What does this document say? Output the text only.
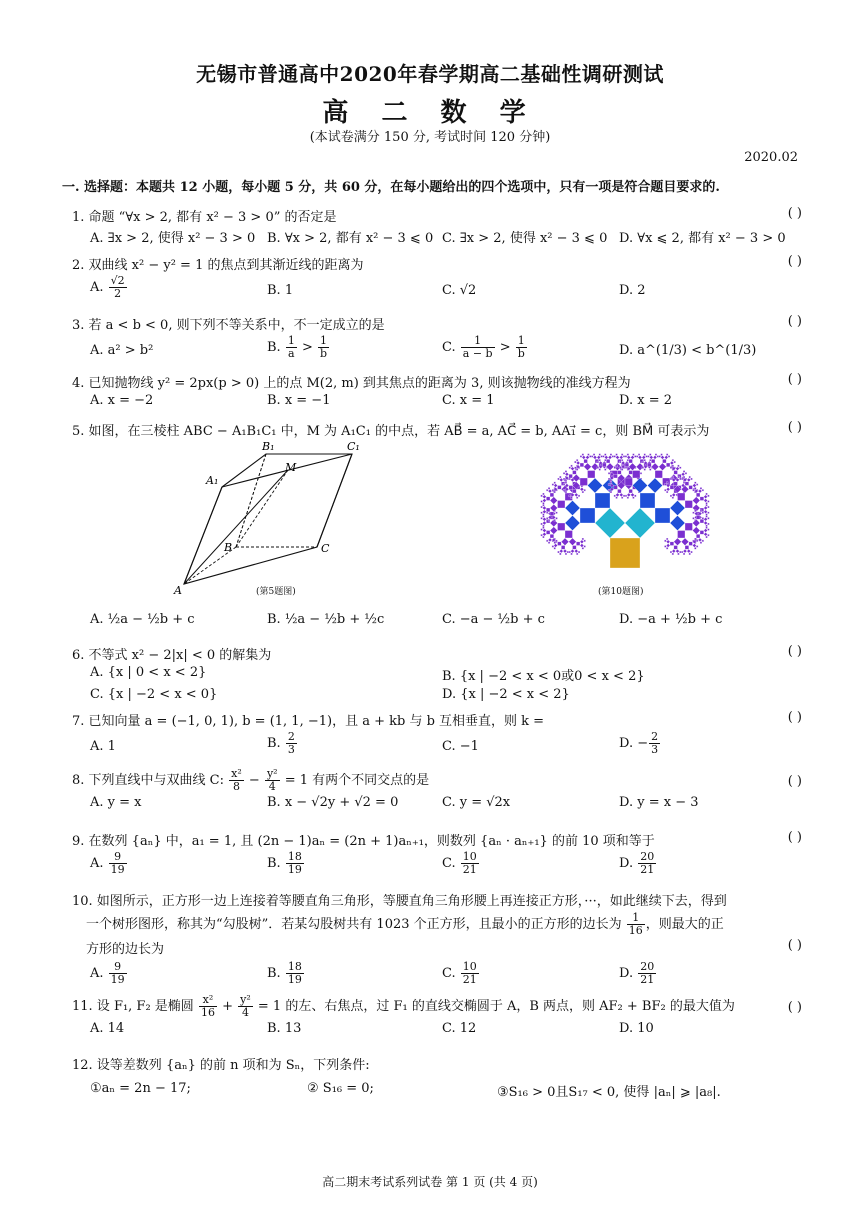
无锡市普通高中2020年春学期高二基础性调研测试
高 二 数 学
(本试卷满分 150 分, 考试时间 120 分钟)
2020.02
一. 选择题：本题共 12 小题，每小题 5 分，共 60 分，在每小题给出的四个选项中，只有一项是符合题目要求的.
1. 命题 “∀x > 2, 都有 x² − 3 > 0” 的否定是	( )
A. ∃x > 2, 使得 x² − 3 > 0 B. ∀x > 2, 都有 x² − 3 ⩽ 0 C. ∃x > 2, 使得 x² − 3 ⩽ 0 D. ∀x ⩽ 2, 都有 x² − 3 > 0
2. 双曲线 x² − y² = 1 的焦点到其渐近线的距离为	( )
A. $\frac{√2}{2}$	B. 1	C. √2	D. 2
3. 若 a < b < 0, 则下列不等关系中，不一定成立的是	( )
A. a² > b²	B. $\frac{1}{a} > \frac{1}{b}$	C. $\frac{1}{a - b} > \frac{1}{b}$	D. a^(1/3) < b^(1/3)
4. 已知抛物线 y² = 2px(p > 0) 上的点 M(2, m) 到其焦点的距离为 3, 则该抛物线的准线方程为	( )
A. x = −2	B. x = −1	C. x = 1	D. x = 2
5. 如图，在三棱柱 ABC − A₁B₁C₁ 中，M 为 A₁C₁ 的中点，若 AB⃗ = a, AC⃗ = b, AA₁⃗ = c，则 BM⃗ 可表示为	( )
B₁
M
C₁
A₁
B	C
A	(第5题图)	(第10题图)
A. ½a − ½b + c	B. ½a − ½b + ½c	C. −a − ½b + c	D. −a + ½b + c
6. 不等式 x² − 2|x| < 0 的解集为	( )
A. {x | 0 < x < 2}	B. {x | −2 < x < 0或0 < x < 2}
C. {x | −2 < x < 0}	D. {x | −2 < x < 2}
7. 已知向量 a = (−1, 0, 1), b = (1, 1, −1)，且 a + kb 与 b 互相垂直，则 k =	( )
A. 1	B. $\frac{2}{3}$	C. −1	D. − $\frac{2}{3}$
8. 下列直线中与双曲线 C: $\frac{\text{x²}}{8} - \frac{\text{y²}}{4} = 1$ 有两个不同交点的是	( )
A. y = x	B. x − √2y + √2 = 0	C. y = √2x	D. y = x − 3
9. 在数列 {aₙ} 中，a₁ = 1, 且 (2n − 1)aₙ = (2n + 1)aₙ₊₁，则数列 {aₙ · aₙ₊₁} 的前 10 项和等于	( )
A. $\frac{9}{19}$	B. $\frac{18}{19}$	C. $\frac{10}{21}$	D. $\frac{20}{21}$
10. 如图所示，正方形一边上连接着等腰直角三角形，等腰直角三角形腰上再连接正方形，···，如此继续下去，得到
一个树形图形，称其为“勾股树”．若某勾股树共有 1023 个正方形，且最小的正方形的边长为 $\frac{1}{16}$ ，则最大的正
方形的边长为	( )
A. $\frac{9}{19}$	B. $\frac{18}{19}$	C. $\frac{10}{21}$	D. $\frac{20}{21}$
11. 设 F₁, F₂ 是椭圆 $\frac{\text{x²}}{16} + \frac{\text{y²}}{4} = 1$ 的左、右焦点，过 F₁ 的直线交椭圆于 A，B 两点，则 AF₂ + BF₂ 的最大值为	( )
A. 14	B. 13	C. 12	D. 10
12. 设等差数列 {aₙ} 的前 n 项和为 Sₙ，下列条件:
①aₙ = 2n − 17;	② S₁₆ = 0;	③S₁₆ > 0且S₁₇ < 0, 使得 |aₙ| ⩾ |a₈|.
高二期末考试系列试卷 第 1 页 (共 4 页)
